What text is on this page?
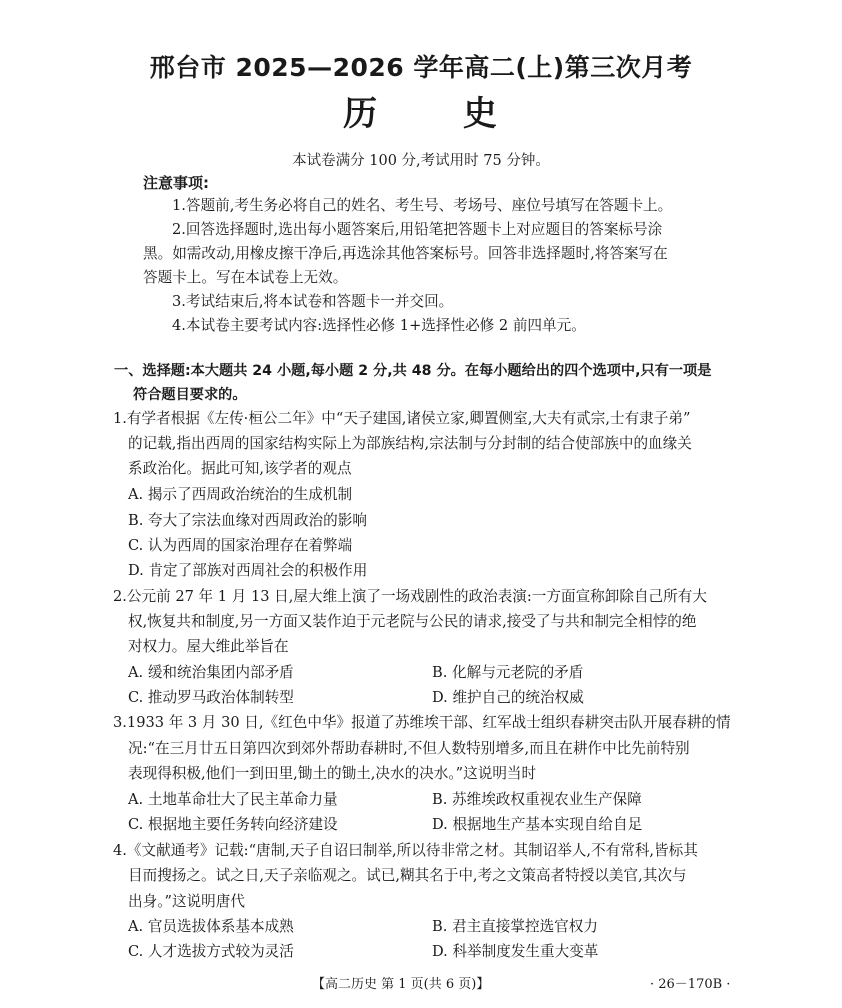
邢台市 2025—2026 学年高二(上)第三次月考
历 史
本试卷满分 100 分,考试用时 75 分钟。
注意事项:
1.答题前,考生务必将自己的姓名、考生号、考场号、座位号填写在答题卡上。
2.回答选择题时,选出每小题答案后,用铅笔把答题卡上对应题目的答案标号涂
黑。如需改动,用橡皮擦干净后,再选涂其他答案标号。回答非选择题时,将答案写在
答题卡上。写在本试卷上无效。
3.考试结束后,将本试卷和答题卡一并交回。
4.本试卷主要考试内容:选择性必修 1+选择性必修 2 前四单元。
一、选择题:本大题共 24 小题,每小题 2 分,共 48 分。在每小题给出的四个选项中,只有一项是
符合题目要求的。
1.有学者根据《左传·桓公二年》中“天子建国,诸侯立家,卿置侧室,大夫有贰宗,士有隶子弟”
的记载,指出西周的国家结构实际上为部族结构,宗法制与分封制的结合使部族中的血缘关
系政治化。据此可知,该学者的观点
A. 揭示了西周政治统治的生成机制
B. 夸大了宗法血缘对西周政治的影响
C. 认为西周的国家治理存在着弊端
D. 肯定了部族对西周社会的积极作用
2.公元前 27 年 1 月 13 日,屋大维上演了一场戏剧性的政治表演:一方面宣称卸除自己所有大
权,恢复共和制度,另一方面又装作迫于元老院与公民的请求,接受了与共和制完全相悖的绝
对权力。屋大维此举旨在
A. 缓和统治集团内部矛盾	B. 化解与元老院的矛盾
C. 推动罗马政治体制转型	D. 维护自己的统治权威
3.1933 年 3 月 30 日,《红色中华》报道了苏维埃干部、红军战士组织春耕突击队开展春耕的情
况:“在三月廿五日第四次到郊外帮助春耕时,不但人数特别增多,而且在耕作中比先前特别
表现得积极,他们一到田里,锄土的锄土,决水的决水。”这说明当时
A. 土地革命壮大了民主革命力量	B. 苏维埃政权重视农业生产保障
C. 根据地主要任务转向经济建设	D. 根据地生产基本实现自给自足
4.《文献通考》记载:“唐制,天子自诏曰制举,所以待非常之材。其制诏举人,不有常科,皆标其
目而搜扬之。试之日,天子亲临观之。试已,糊其名于中,考之文策高者特授以美官,其次与
出身。”这说明唐代
A. 官员选拔体系基本成熟	B. 君主直接掌控选官权力
C. 人才选拔方式较为灵活	D. 科举制度发生重大变革
【高二历史 第 1 页(共 6 页)】	· 26－170B ·
